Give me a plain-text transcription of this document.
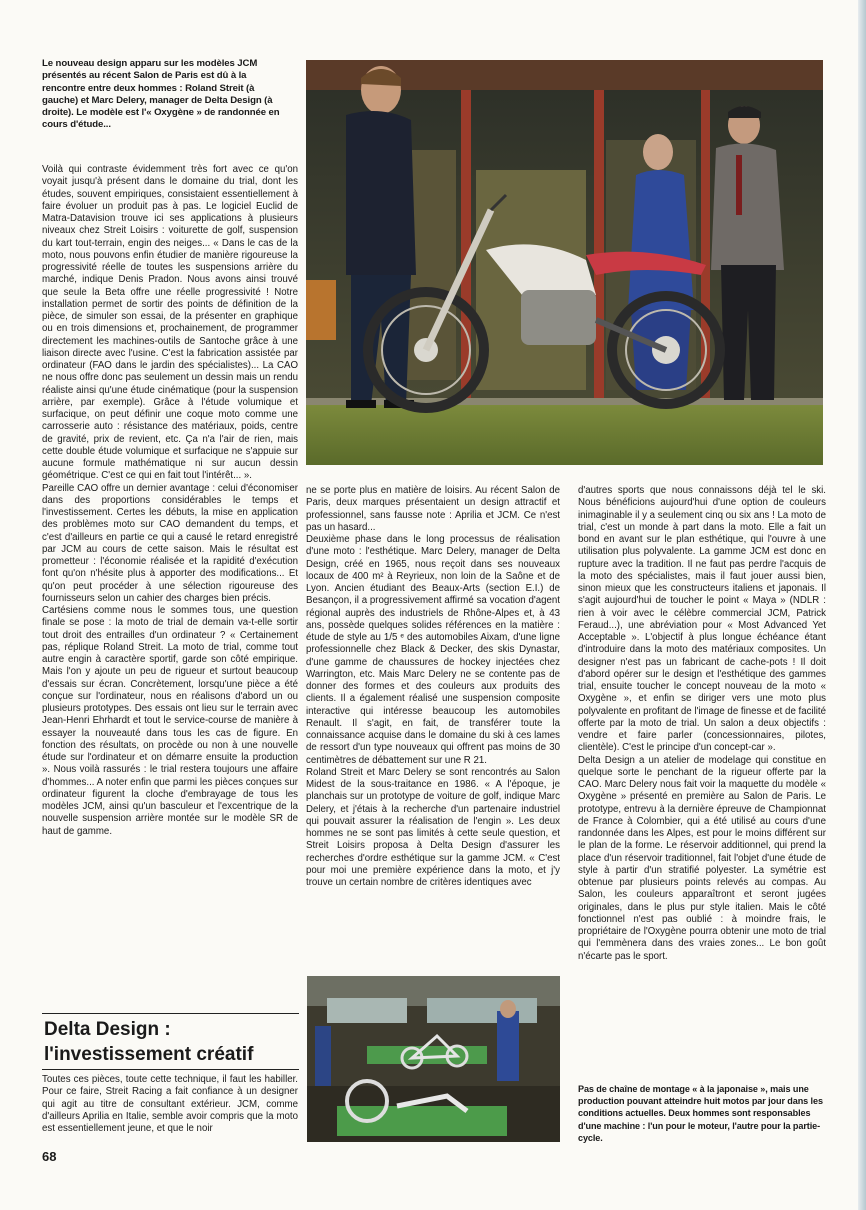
Le nouveau design apparu sur les modèles JCM présentés au récent Salon de Paris est dû à la rencontre entre deux hommes : Roland Streit (à gauche) et Marc Delery, manager de Delta Design (à droite). Le modèle est l'« Oxygène » de randonnée en cours d'étude...

Voilà qui contraste évidemment très fort avec ce qu'on voyait jusqu'à présent dans le domaine du trial, dont les études, souvent empiriques, consistaient essentiellement à faire évoluer un produit pas à pas. Le logiciel Euclid de Matra-Datavision trouve ici ses applications à plusieurs niveaux chez Streit Loisirs : voiturette de golf, suspension du kart tout-terrain, engin des neiges... « Dans le cas de la moto, nous pouvons enfin étudier de manière rigoureuse la progressivité réelle de toutes les suspensions arrière du marché, indique Denis Pradon. Nous avons ainsi trouvé que seule la Beta offre une réelle progressivité ! Notre installation permet de sortir des points de définition de la pièce, de simuler son essai, de la présenter en graphique ou en trois dimensions et, prochainement, de programmer directement les machines-outils de Santoche grâce à une liaison directe avec l'usine. C'est la fabrication assistée par ordinateur (FAO dans le jardin des spécialistes)... La CAO ne nous offre donc pas seulement un dessin mais un rendu réaliste ainsi qu'une étude cinématique (pour la suspension arrière, par exemple). Grâce à l'étude volumique et surfacique, on peut définir une coque moto comme une carrosserie auto : résistance des matériaux, poids, centre de gravité, prix de revient, etc. Ça n'a l'air de rien, mais cette double étude volumique et surfacique ne s'appuie sur aucune formule mathématique ni sur aucun dessin géométrique. C'est ce qui en fait tout l'intérêt... ».

Pareille CAO offre un dernier avantage : celui d'économiser dans des proportions considérables le temps et l'investissement. Certes les débuts, la mise en application des problèmes moto sur CAO demandent du temps, et c'est d'ailleurs en partie ce qui a causé le retard enregistré par JCM au cours de cette saison. Mais le résultat est prometteur : l'économie réalisée et la rapidité d'exécution font qu'on n'hésite plus à apporter des modifications... Et qu'on peut procéder à une sélection rigoureuse des fournisseurs selon un cahier des charges bien précis.

Cartésiens comme nous le sommes tous, une question finale se pose : la moto de trial de demain va-t-elle sortir tout droit des entrailles d'un ordinateur ? « Certainement pas, réplique Roland Streit. La moto de trial, comme tout autre engin à caractère sportif, garde son côté empirique. Mais l'on y ajoute un peu de rigueur et surtout beaucoup d'essais sur écran. Concrètement, lorsqu'une pièce a été conçue sur l'ordinateur, nous en réalisons d'abord un ou plusieurs prototypes. Des essais ont lieu sur le terrain avec Jean-Henri Ehrhardt et tout le service-course de manière à essayer la nouveauté dans tous les cas de figure. En fonction des résultats, on procède ou non à une nouvelle étude sur l'ordinateur et on démarre ensuite la production ». Nous voilà rassurés : le trial restera toujours une affaire d'hommes... A noter enfin que parmi les pièces conçues sur ordinateur figurent la cloche d'embrayage de tous les modèles JCM, ainsi qu'un basculeur et l'excentrique de la nouvelle suspension arrière montée sur le modèle SR de haut de gamme.

Delta Design :
l'investissement créatif
Toutes ces pièces, toute cette technique, il faut les habiller. Pour ce faire, Streit Racing a fait confiance à un designer qui agit au titre de consultant extérieur. JCM, comme d'ailleurs Aprilia en Italie, semble avoir compris que la moto est essentiellement jeune, et que le noir

ne se porte plus en matière de loisirs. Au récent Salon de Paris, deux marques présentaient un design attractif et professionnel, sans fausse note : Aprilia et JCM. Ce n'est pas un hasard...

Deuxième phase dans le long processus de réalisation d'une moto : l'esthétique. Marc Delery, manager de Delta Design, créé en 1965, nous reçoit dans ses nouveaux locaux de 400 m² à Reyrieux, non loin de la Saône et de Lyon. Ancien étudiant des Beaux-Arts (section E.I.) de Besançon, il a progressivement affirmé sa vocation d'agent régional auprès des industriels de Rhône-Alpes et, à 43 ans, possède quelques solides références en la matière : étude de style au 1/5 ᵉ des automobiles Aixam, d'une ligne professionnelle chez Black & Decker, des skis Dynastar, d'une gamme de chaussures de hockey injectées chez Warrington, etc. Mais Marc Delery ne se contente pas de donner des formes et des couleurs aux produits des clients. Il a également réalisé une suspension composite interactive qui intéresse beaucoup les automobiles Renault. Il s'agit, en fait, de transférer toute la connaissance acquise dans le domaine du ski à ces lames de ressort d'un type nouveaux qui offrent pas moins de 30 centimètres de débattement sur une R 21.

Roland Streit et Marc Delery se sont rencontrés au Salon Midest de la sous-traitance en 1986. « A l'époque, je planchais sur un prototype de voiture de golf, indique Marc Delery, et j'étais à la recherche d'un partenaire industriel qui pouvait assurer la réalisation de l'engin ». Les deux hommes ne se sont pas limités à cette seule question, et Streit Loisirs proposa à Delta Design d'assurer les recherches d'ordre esthétique sur la gamme JCM. « C'est pour moi une première expérience dans la moto, et j'y trouve un certain nombre de critères identiques avec

d'autres sports que nous connaissons déjà tel le ski. Nous bénéficions aujourd'hui d'une option de couleurs inimaginable il y a seulement cinq ou six ans ! La moto de trial, c'est un monde à part dans la moto. Elle a fait un bond en avant sur le plan esthétique, qui l'ouvre à une utilisation plus polyvalente. La gamme JCM est donc en rupture avec la tradition. Il ne faut pas perdre l'acquis de la moto des spécialistes, mais il faut jouer aussi bien, sinon mieux que les constructeurs italiens et japonais. Il s'agit aujourd'hui de toucher le point « Maya » (NDLR : rien à voir avec le célèbre commercial JCM, Patrick Feraud...), une abréviation pour « Most Advanced Yet Acceptable ». L'objectif à plus longue échéance étant d'introduire dans la moto des matériaux composites. Un designer n'est pas un fabricant de cache-pots ! Il doit d'abord opérer sur le design et l'esthétique des gammes trial, ensuite toucher le concept nouveau de la moto « Oxygène », et enfin se diriger vers une moto plus polyvalente en profitant de l'image de finesse et de facilité offerte par la moto de trial. Un salon a deux objectifs : vendre et faire parler (concessionnaires, pilotes, clientèle). C'est le principe d'un concept-car ».

Delta Design a un atelier de modelage qui constitue en quelque sorte le penchant de la rigueur offerte par la CAO. Marc Delery nous fait voir la maquette du modèle « Oxygène » présenté en première au Salon de Paris. Le prototype, entrevu à la dernière épreuve de Championnat de France à Colombier, qui a été utilisé au cours d'une randonnée dans les Alpes, est pour le moins différent sur le plan de la forme. Le réservoir additionnel, qui prend la place d'un réservoir traditionnel, fait l'objet d'une étude de style à partir d'un stratifié polyester. La symétrie est obtenue par plusieurs points relevés au compas. Au Salon, les couleurs apparaîtront et seront jugées originales, dans le plus pur style italien. Mais le côté fonctionnel n'est pas oublié : à moindre frais, le propriétaire de l'Oxygène pourra obtenir une moto de trial qui l'emmènera dans des vraies zones... Le bon goût n'écarte pas le sport.

Pas de chaîne de montage « à la japonaise », mais une production pouvant atteindre huit motos par jour dans les conditions actuelles. Deux hommes sont responsables d'une machine : l'un pour le moteur, l'autre pour la partie-cycle.
68
